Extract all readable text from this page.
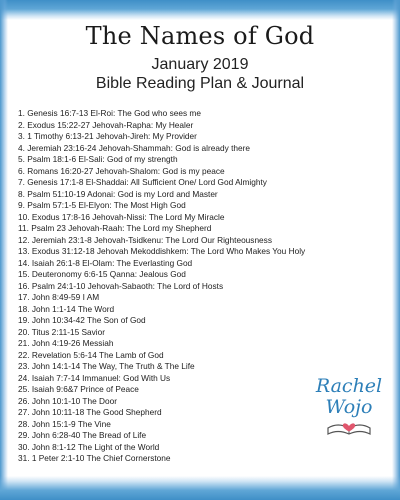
The Names of God
January 2019
Bible Reading Plan & Journal
1. Genesis 16:7-13 El-Roi: The God who sees me
2. Exodus 15:22-27 Jehovah-Rapha: My Healer
3. 1 Timothy 6:13-21 Jehovah-Jireh: My Provider
4. Jeremiah 23:16-24 Jehovah-Shammah: God is already there
5. Psalm 18:1-6 El-Sali: God of my strength
6. Romans 16:20-27 Jehovah-Shalom: God is my peace
7. Genesis 17:1-8 El-Shaddai: All Sufficient One/ Lord God Almighty
8. Psalm 51:10-19 Adonai: God is my Lord and Master
9. Psalm 57:1-5 El-Elyon: The Most High God
10. Exodus 17:8-16 Jehovah-Nissi: The Lord My Miracle
11. Psalm 23 Jehovah-Raah: The Lord my Shepherd
12. Jeremiah 23:1-8 Jehovah-Tsidkenu: The Lord Our Righteousness
13. Exodus 31:12-18 Jehovah Mekoddishkem: The Lord Who Makes You Holy
14. Isaiah 26:1-8 El-Olam: The Everlasting God
15. Deuteronomy 6:6-15 Qanna: Jealous God
16. Psalm 24:1-10 Jehovah-Sabaoth: The Lord of Hosts
17. John 8:49-59 I AM
18. John 1:1-14 The Word
19. John 10:34-42 The Son of God
20. Titus 2:11-15 Savior
21. John 4:19-26 Messiah
22. Revelation 5:6-14 The Lamb of God
23. John 14:1-14 The Way, The Truth & The Life
24. Isaiah 7:7-14 Immanuel: God With Us
25. Isaiah 9:6&7 Prince of Peace
26. John 10:1-10 The Door
27. John 10:11-18 The Good Shepherd
28. John 15:1-9 The Vine
29. John 6:28-40 The Bread of Life
30. John 8:1-12 The Light of the World
31. 1 Peter 2:1-10 The Chief Cornerstone
Rachel
Wojo
